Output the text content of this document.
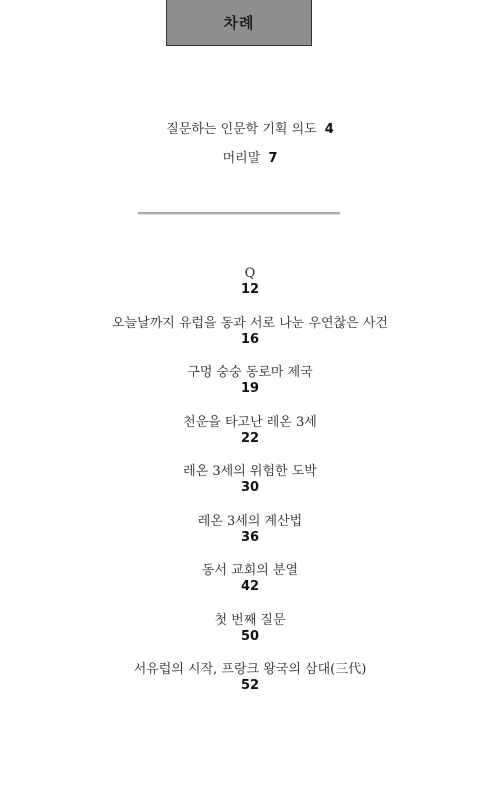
차례
질문하는 인문학 기획 의도 4
머리말 7
Q
12
오늘날까지 유럽을 동과 서로 나눈 우연찮은 사건
16
구멍 숭숭 동로마 제국
19
천운을 타고난 레온 3세
22
레온 3세의 위험한 도박
30
레온 3세의 계산법
36
동서 교회의 분열
42
첫 번째 질문
50
서유럽의 시작, 프랑크 왕국의 삼대(三代)
52
